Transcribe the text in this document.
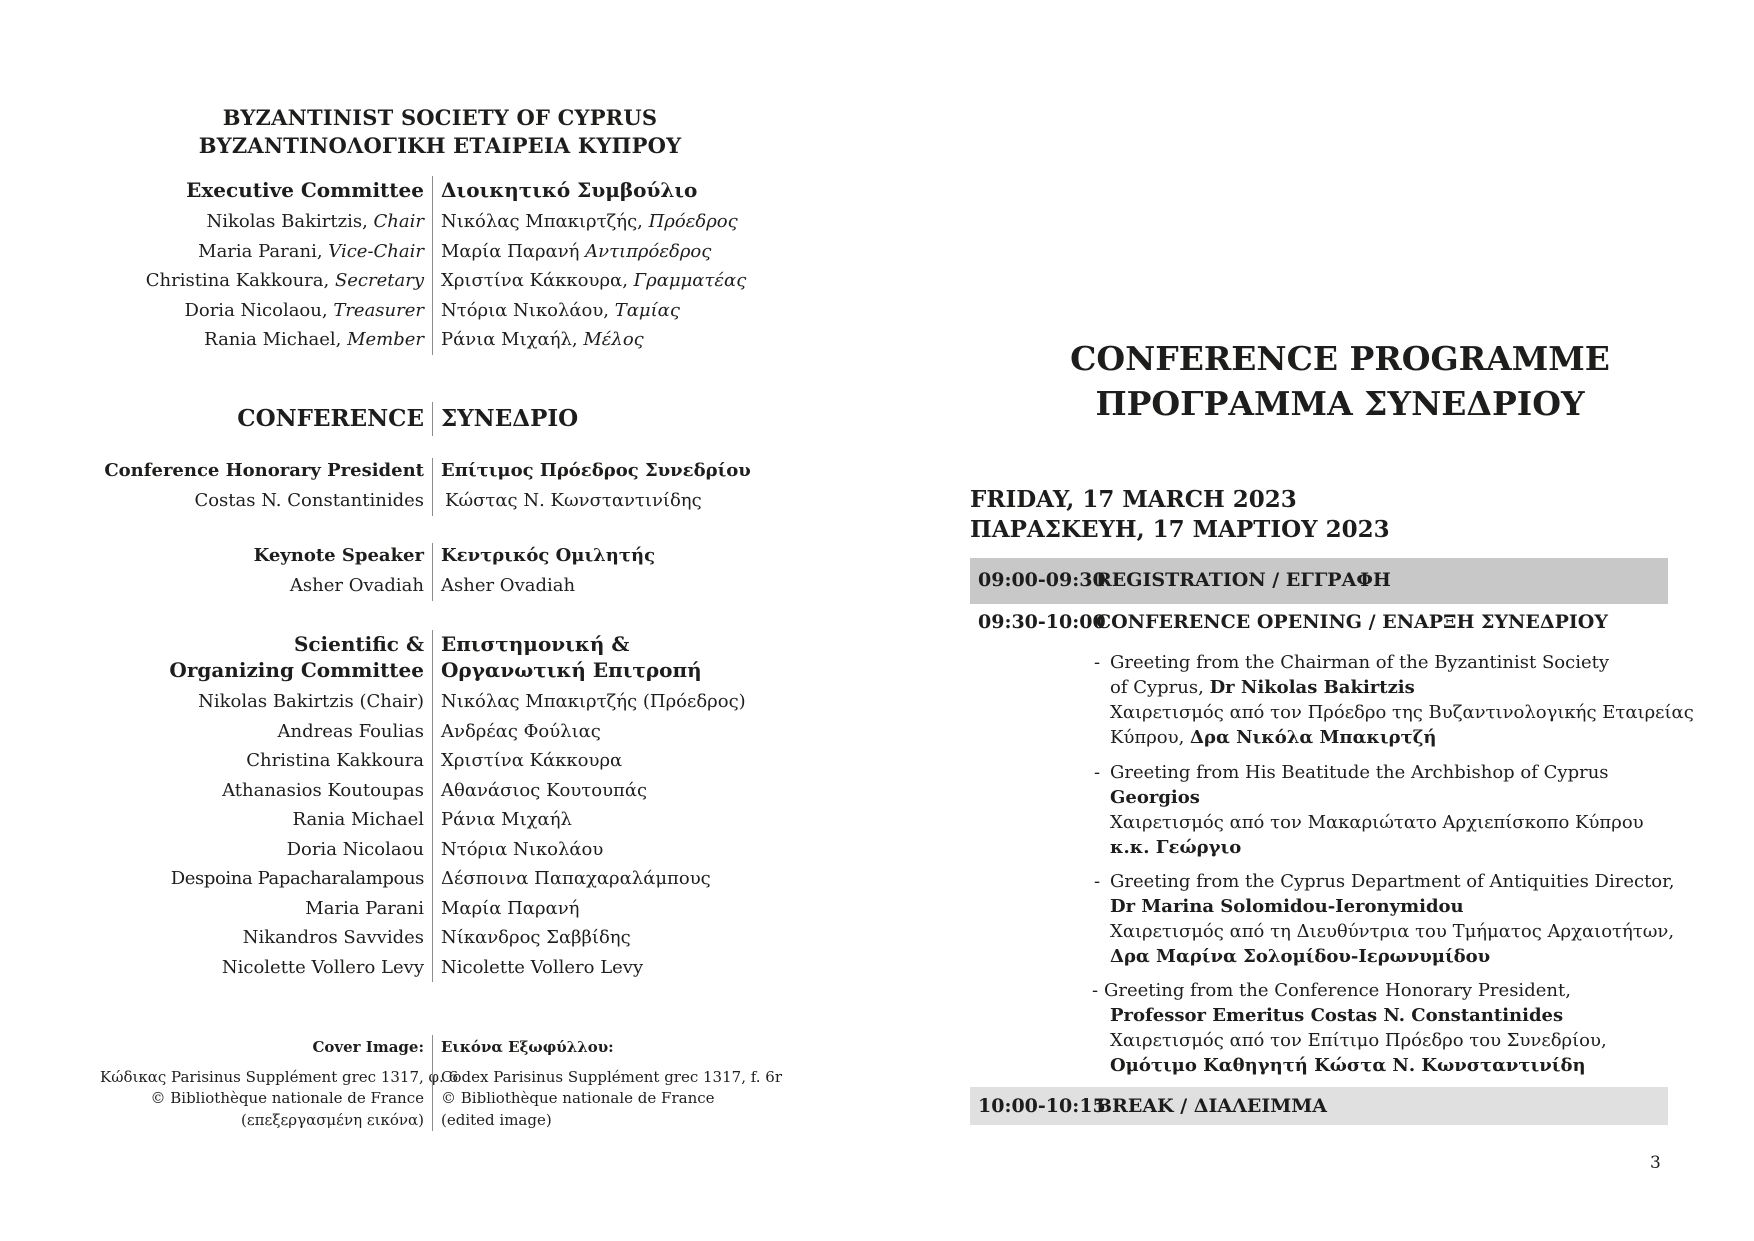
BYZANTINIST SOCIETY OF CYPRUS
ΒΥΖΑΝΤΙΝΟΛΟΓΙΚΗ ΕΤΑΙΡΕΙΑ ΚΥΠΡΟΥ
Executive Committee Διοικητικό Συμβούλιο
Nikolas Bakirtzis, Chair Νικόλας Μπακιρτζής, Πρόεδρος
Maria Parani, Vice-Chair Μαρία Παρανή Αντιπρόεδρος
Christina Kakkoura, Secretary Χριστίνα Κάκκουρα, Γραμματέας
Doria Nicolaou, Treasurer Ντόρια Νικολάου, Ταμίας
Rania Michael, Member Ράνια Μιχαήλ, Μέλος
CONFERENCE ΣΥΝΕΔΡΙΟ
Conference Honorary President Επίτιμος Πρόεδρος Συνεδρίου
Costas N. Constantinides	Κώστας Ν. Κωνσταντινίδης
Keynote Speaker Κεντρικός Ομιλητής
Asher Ovadiah Asher Ovadiah
Scientific &
Organizing Committee
Επιστημονική &
Οργανωτική Επιτροπή
Nikolas Bakirtzis (Chair) Νικόλας Μπακιρτζής (Πρόεδρος)
Andreas Foulias Ανδρέας Φούλιας
Christina Kakkoura Χριστίνα Κάκκουρα
Athanasios Koutoupas Αθανάσιος Κουτουπάς
Rania Michael Ράνια Μιχαήλ
Doria Nicolaou Ντόρια Νικολάου
Despoina Papacharalampous Δέσποινα Παπαχαραλάμπους
Maria Parani Μαρία Παρανή
Nikandros Savvides Νίκανδρος Σαββίδης
Nicolette Vollero Levy Nicolette Vollero Levy
Cover Image:	Εικόνα Εξωφύλλου:
Κώδικας Parisinus Supplément grec 1317, φ. 6
Codex Parisinus Supplément grec 1317, f. 6r
© Bibliothèque nationale de France	© Bibliothèque nationale de France
(επεξεργασμένη εικόνα)	(edited image)
CONFERENCE PROGRAMME
ΠΡΟΓΡΑΜΜΑ ΣΥΝΕΔΡΙΟΥ
FRIDAY, 17 MARCH 2023
ΠΑΡΑΣΚΕΥΗ, 17 ΜΑΡΤΙΟΥ 2023
09:00-09:30
REGISTRATION / ΕΓΓΡΑΦΗ
09:30-10:00
CONFERENCE OPENING / ΕΝΑΡΞΗ ΣΥΝΕΔΡΙΟΥ
- Greeting from the Chairman of the Byzantinist Society
of Cyprus, Dr Nikolas Bakirtzis
Χαιρετισμός από τον Πρόεδρο της Βυζαντινολογικής Εταιρείας
Κύπρου, Δρα Νικόλα Μπακιρτζή
- Greeting from His Beatitude the Archbishop of Cyprus
Georgios
Χαιρετισμός από τον Μακαριώτατο Αρχιεπίσκοπο Κύπρου
κ.κ. Γεώργιο
- Greeting from the Cyprus Department of Antiquities Director,
Dr Marina Solomidou-Ieronymidou
Χαιρετισμός από τη Διευθύντρια του Τμήματος Αρχαιοτήτων,
Δρα Μαρίνα Σολομίδου-Ιερωνυμίδου
- Greeting from the Conference Honorary President,
Professor Emeritus Costas N. Constantinides
Χαιρετισμός από τον Επίτιμο Πρόεδρο του Συνεδρίου,
Ομότιμο Καθηγητή Κώστα Ν. Κωνσταντινίδη
10:00-10:15
BREAK / ΔΙΑΛΕΙΜΜΑ
3
